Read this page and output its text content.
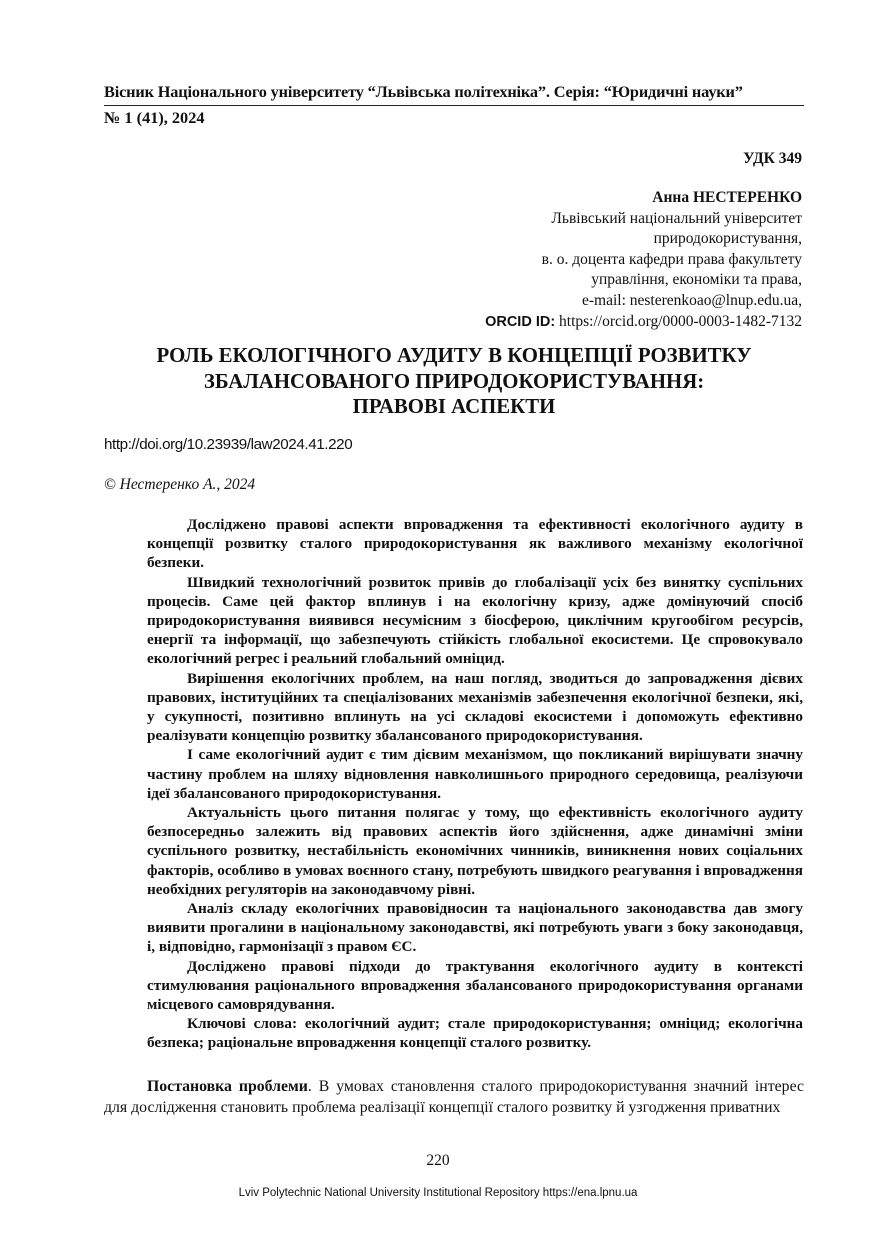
Вісник Національного університету “Львівська політехніка”. Серія: “Юридичні науки”
№ 1 (41), 2024
УДК 349
Анна НЕСТЕРЕНКО
Львівський національний університет
природокористування,
в. о. доцента кафедри права факультету
управління, економіки та права,
e-mail: nesterenkoao@lnup.edu.ua,
ORCID ID: https://orcid.org/0000-0003-1482-7132
РОЛЬ ЕКОЛОГІЧНОГО АУДИТУ В КОНЦЕПЦІЇ РОЗВИТКУ
ЗБАЛАНСОВАНОГО ПРИРОДОКОРИСТУВАННЯ:
ПРАВОВІ АСПЕКТИ
http://doi.org/10.23939/law2024.41.220
© Нестеренко А., 2024

Досліджено правові аспекти впровадження та ефективності екологічного аудиту в концепції розвитку сталого природокористування як важливого механізму екологічної безпеки.

Швидкий технологічний розвиток привів до глобалізації усіх без винятку суспільних процесів. Саме цей фактор вплинув і на екологічну кризу, адже домінуючий спосіб природокористування виявився несумісним з біосферою, циклічним кругообігом ресурсів, енергії та інформації, що забезпечують стійкість глобальної екосистеми. Це спровокувало екологічний регрес і реальний глобальний омніцид.

Вирішення екологічних проблем, на наш погляд, зводиться до запровадження дієвих правових, інституційних та спеціалізованих механізмів забезпечення екологічної безпеки, які, у сукупності, позитивно вплинуть на усі складові екосистеми і допоможуть ефективно реалізувати концепцію розвитку збалансованого природокористування.

І саме екологічний аудит є тим дієвим механізмом, що покликаний вирішувати значну частину проблем на шляху відновлення навколишнього природного середовища, реалізуючи ідеї збалансованого природокористування.

Актуальність цього питання полягає у тому, що ефективність екологічного аудиту безпосередньо залежить від правових аспектів його здійснення, адже динамічні зміни суспільного розвитку, нестабільність економічних чинників, виникнення нових соціальних факторів, особливо в умовах воєнного стану, потребують швидкого реагування і впровадження необхідних регуляторів на законодавчому рівні.

Аналіз складу екологічних правовідносин та національного законодавства дав змогу виявити прогалини в національному законодавстві, які потребують уваги з боку законодавця, і, відповідно, гармонізації з правом ЄС.

Досліджено правові підходи до трактування екологічного аудиту в контексті стимулювання раціонального впровадження збалансованого природокористування органами місцевого самоврядування.

Ключові слова: екологічний аудит; стале природокористування; омніцид; екологічна безпека; раціональне впровадження концепції сталого розвитку.

Постановка проблеми. В умовах становлення сталого природокористування значний інтерес для дослідження становить проблема реалізації концепції сталого розвитку й узгодження приватних

220
Lviv Polytechnic National University Institutional Repository https://ena.lpnu.ua
